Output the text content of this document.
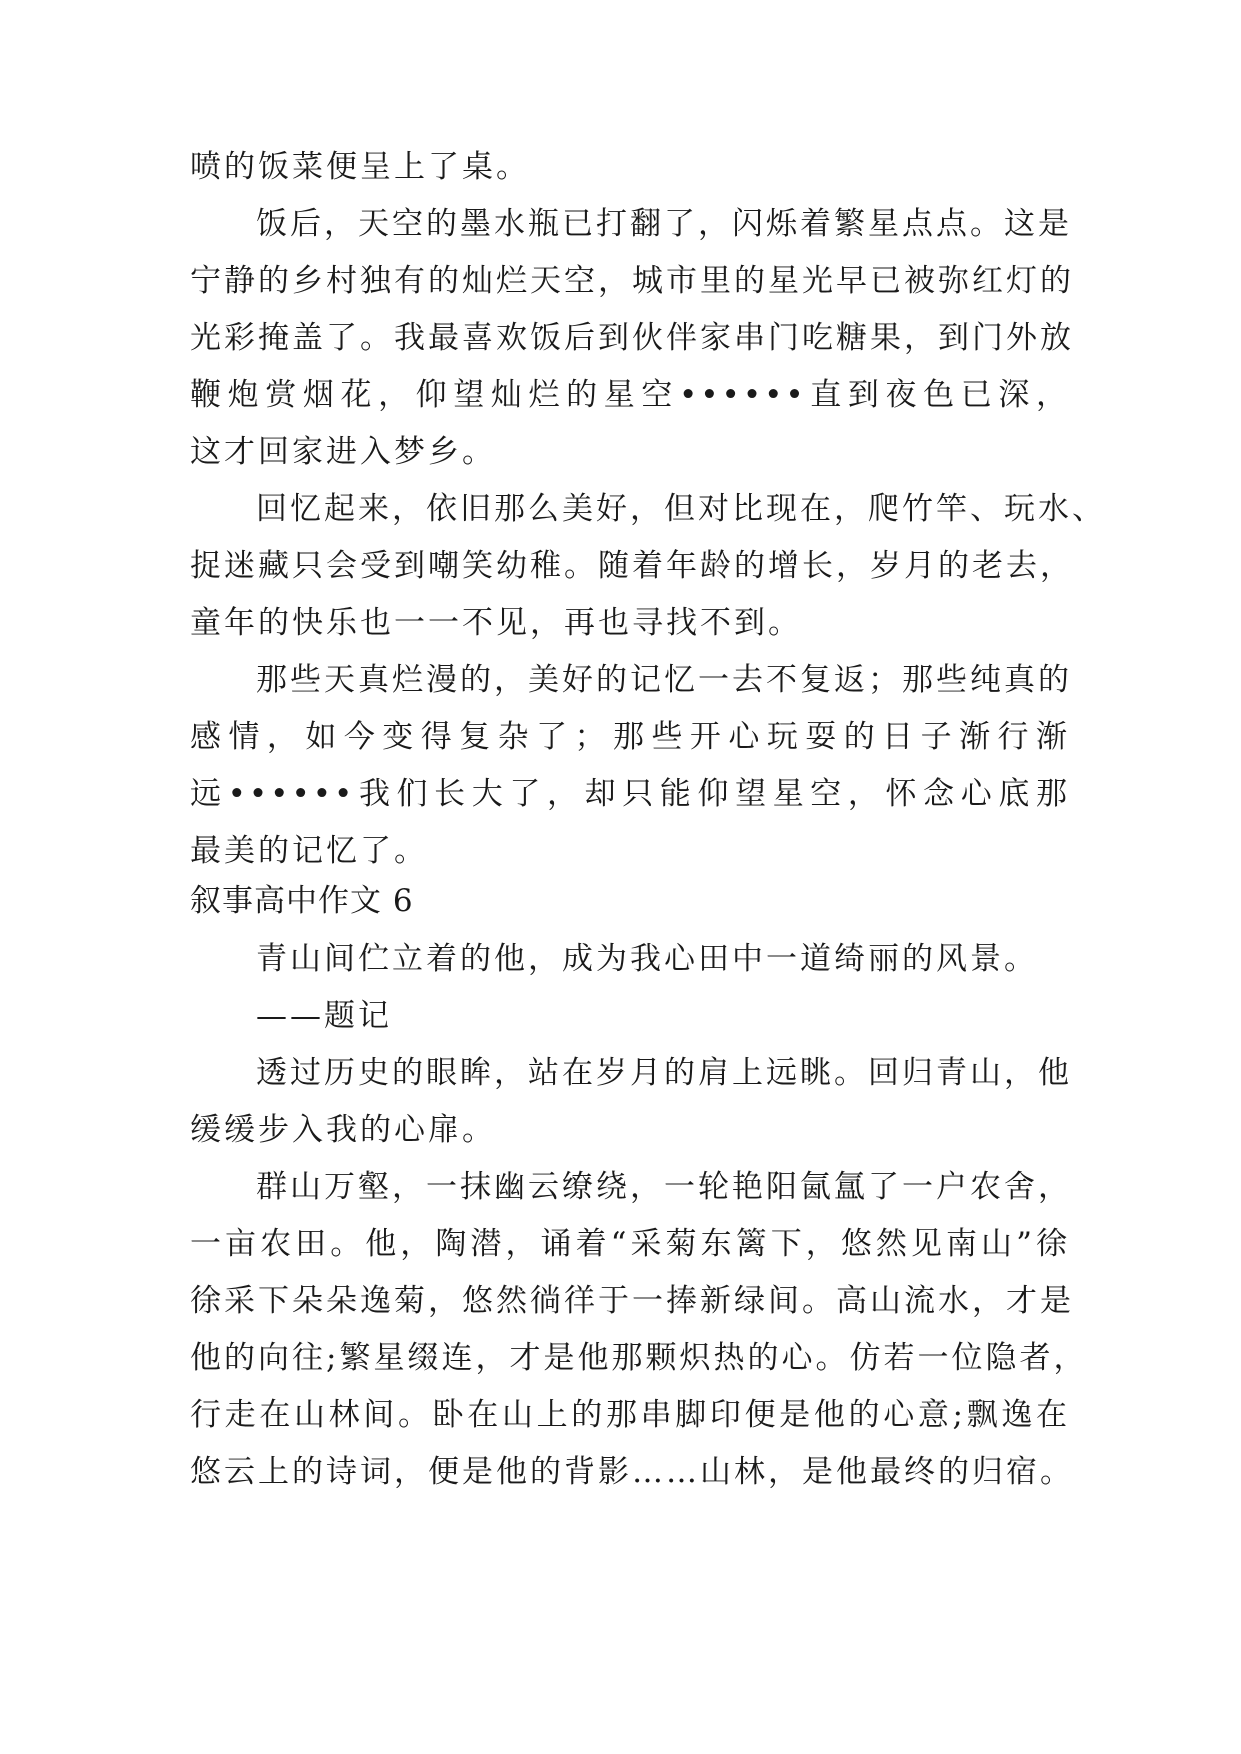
喷的饭菜便呈上了桌。
饭后，天空的墨水瓶已打翻了，闪烁着繁星点点。这是
宁静的乡村独有的灿烂天空，城市里的星光早已被弥红灯的
光彩掩盖了。我最喜欢饭后到伙伴家串门吃糖果，到门外放
鞭炮赏烟花，仰望灿烂的星空••••••直到夜色已深，
这才回家进入梦乡。
回忆起来，依旧那么美好，但对比现在，爬竹竿、玩水、
捉迷藏只会受到嘲笑幼稚。随着年龄的增长，岁月的老去，
童年的快乐也一一不见，再也寻找不到。
那些天真烂漫的，美好的记忆一去不复返；那些纯真的
感情，如今变得复杂了；那些开心玩耍的日子渐行渐
远••••••我们长大了，却只能仰望星空，怀念心底那
最美的记忆了。
叙事高中作文 6
青山间伫立着的他，成为我心田中一道绮丽的风景。
——题记
透过历史的眼眸，站在岁月的肩上远眺。回归青山，他
缓缓步入我的心扉。
群山万壑，一抹幽云缭绕，一轮艳阳氤氲了一户农舍，
一亩农田。他，陶潜，诵着“采菊东篱下，悠然见南山”徐
徐采下朵朵逸菊，悠然徜徉于一捧新绿间。高山流水，才是
他的向往;繁星缀连，才是他那颗炽热的心。仿若一位隐者，
行走在山林间。卧在山上的那串脚印便是他的心意;飘逸在
悠云上的诗词，便是他的背影……山林，是他最终的归宿。
